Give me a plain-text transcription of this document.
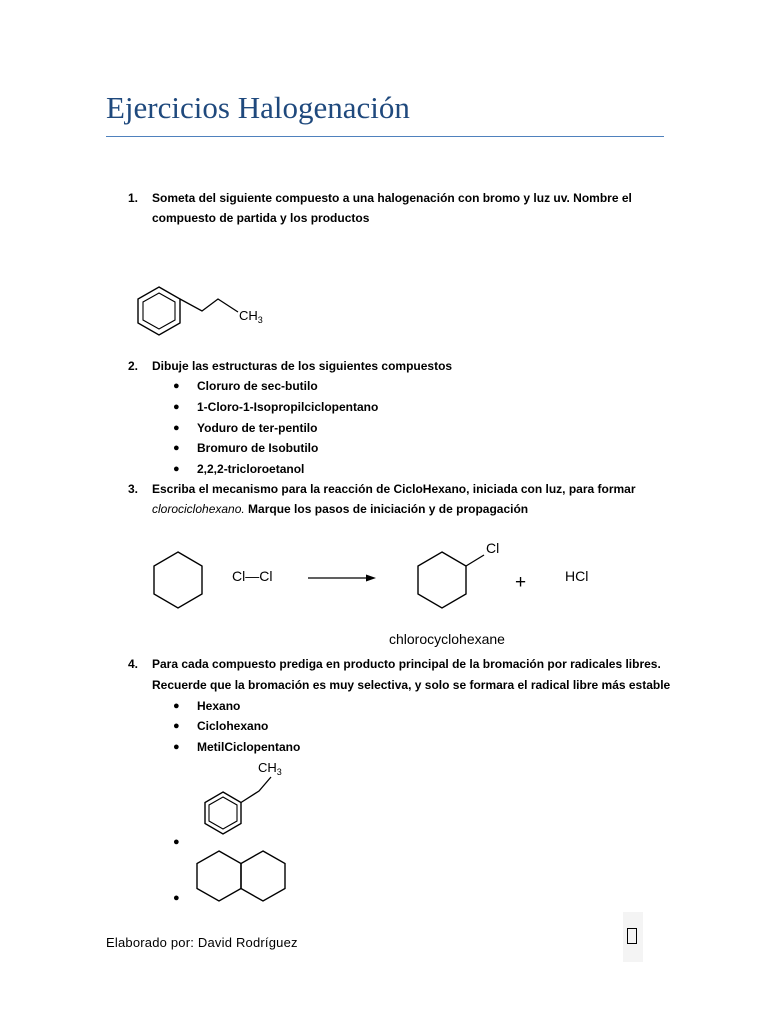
Ejercicios Halogenación
1. Someta del siguiente compuesto a una halogenación con bromo y luz uv. Nombre el
compuesto de partida y los productos
$CH_3$
2. Dibuje las estructuras de los siguientes compuestos
● Cloruro de sec-butilo
● 1-Cloro-1-Isopropilciclopentano
● Yoduro de ter-pentilo
● Bromuro de Isobutilo
● 2,2,2-tricloroetanol
3. Escriba el mecanismo para la reacción de CicloHexano, iniciada con luz, para formar
clorociclohexano. Marque los pasos de iniciación y de propagación
Cl—Cl
Cl
+	HCl
chlorocyclohexane
4. Para cada compuesto prediga en producto principal de la bromación por radicales libres.
Recuerde que la bromación es muy selectiva, y solo se formara el radical libre más estable
● Hexano
● Ciclohexano
● MetilCiclopentano
$CH_3$
●
●
Elaborado por: David Rodríguez
